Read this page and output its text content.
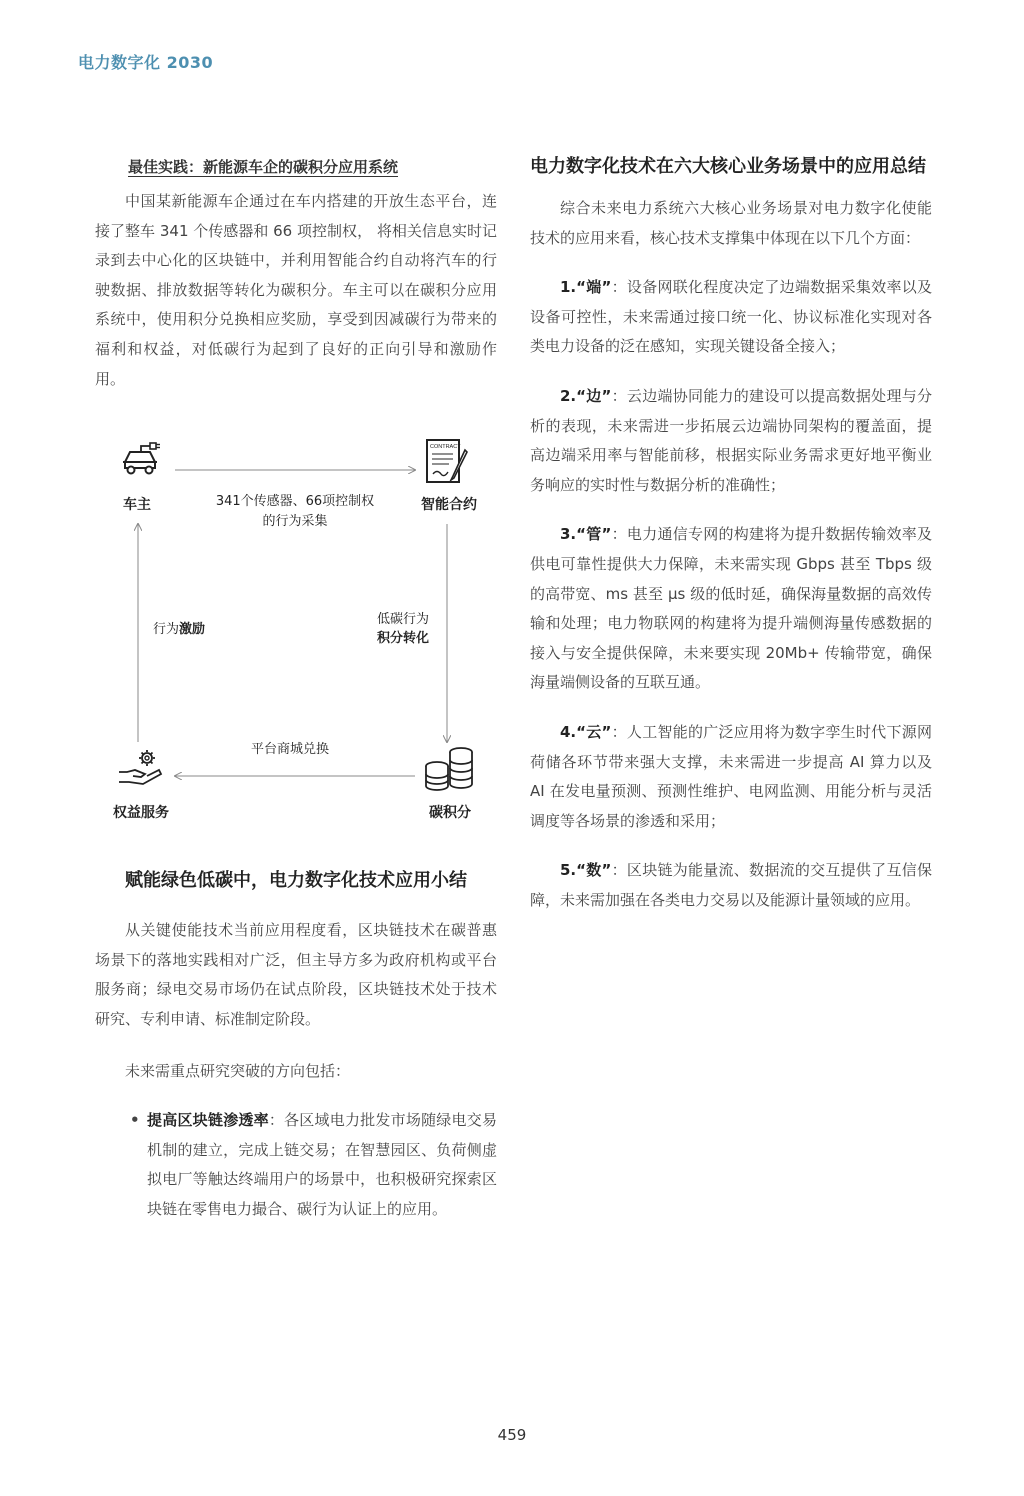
电力数字化 2030
最佳实践：新能源车企的碳积分应用系统

中国某新能源车企通过在车内搭建的开放生态平台，连接了整车 341 个传感器和 66 项控制权， 将相关信息实时记录到去中心化的区块链中，并利用智能合约自动将汽车的行驶数据、排放数据等转化为碳积分。车主可以在碳积分应用系统中，使用积分兑换相应奖励，享受到因减碳行为带来的福利和权益，对低碳行为起到了良好的正向引导和激励作用。

车主
CONTRACT
智能合约
341个传感器、66项控制权
的行为采集
低碳行为
积分转化
行为激励
平台商城兑换
权益服务	碳积分
赋能绿色低碳中，电力数字化技术应用小结

从关键使能技术当前应用程度看，区块链技术在碳普惠场景下的落地实践相对广泛，但主导方多为政府机构或平台服务商；绿电交易市场仍在试点阶段，区块链技术处于技术研究、专利申请、标准制定阶段。

未来需重点研究突破的方向包括：

• 提高区块链渗透率：各区域电力批发市场随绿电交易机制的建立，完成上链交易；在智慧园区、负荷侧虚拟电厂等触达终端用户的场景中，也积极研究探索区块链在零售电力撮合、碳行为认证上的应用。
电力数字化技术在六大核心业务场景中的应用总结

综合未来电力系统六大核心业务场景对电力数字化使能技术的应用来看，核心技术支撑集中体现在以下几个方面：

1.“端”：设备网联化程度决定了边端数据采集效率以及设备可控性，未来需通过接口统一化、协议标准化实现对各类电力设备的泛在感知，实现关键设备全接入；

2.“边”：云边端协同能力的建设可以提高数据处理与分析的表现，未来需进一步拓展云边端协同架构的覆盖面，提高边端采用率与智能前移，根据实际业务需求更好地平衡业务响应的实时性与数据分析的准确性；

3.“管”：电力通信专网的构建将为提升数据传输效率及供电可靠性提供大力保障，未来需实现 Gbps 甚至 Tbps 级的高带宽、ms 甚至 μs 级的低时延，确保海量数据的高效传输和处理；电力物联网的构建将为提升端侧海量传感数据的接入与安全提供保障，未来要实现 20Mb+ 传输带宽，确保海量端侧设备的互联互通。

4.“云”：人工智能的广泛应用将为数字孪生时代下源网荷储各环节带来强大支撑，未来需进一步提高 AI 算力以及 AI 在发电量预测、预测性维护、电网监测、用能分析与灵活调度等各场景的渗透和采用；

5.“数”：区块链为能量流、数据流的交互提供了互信保障，未来需加强在各类电力交易以及能源计量领域的应用。

459
